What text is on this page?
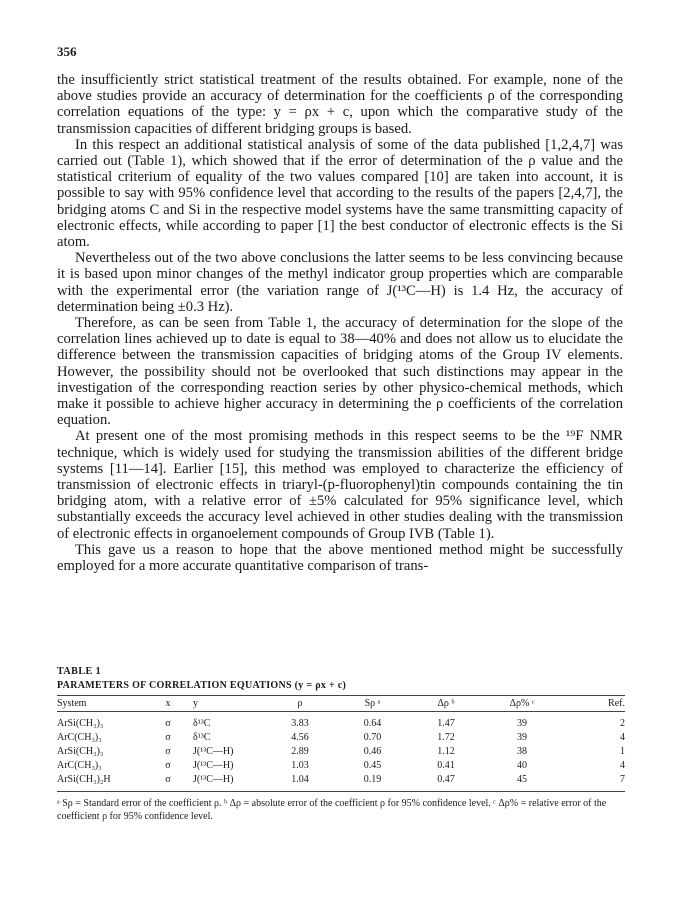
356

the insufficiently strict statistical treatment of the results obtained. For example, none of the above studies provide an accuracy of determination for the coefficients ρ of the corresponding correlation equations of the type: y = ρx + c, upon which the comparative study of the transmission capacities of different bridging groups is based.

In this respect an additional statistical analysis of some of the data published [1,2,4,7] was carried out (Table 1), which showed that if the error of determination of the ρ value and the statistical criterium of equality of the two values compared [10] are taken into account, it is possible to say with 95% confidence level that according to the results of the papers [2,4,7], the bridging atoms C and Si in the respective model systems have the same transmitting capacity of electronic effects, while according to paper [1] the best conductor of electronic effects is the Si atom.

Nevertheless out of the two above conclusions the latter seems to be less convincing because it is based upon minor changes of the methyl indicator group properties which are comparable with the experimental error (the variation range of J(¹³C—H) is 1.4 Hz, the accuracy of determination being ±0.3 Hz).

Therefore, as can be seen from Table 1, the accuracy of determination for the slope of the correlation lines achieved up to date is equal to 38—40% and does not allow us to elucidate the difference between the transmission capacities of bridging atoms of the Group IV elements. However, the possibility should not be overlooked that such distinctions may appear in the investigation of the corresponding reaction series by other physico-chemical methods, which make it possible to achieve higher accuracy in determining the ρ coefficients of the correlation equation.

At present one of the most promising methods in this respect seems to be the ¹⁹F NMR technique, which is widely used for studying the transmission abilities of the different bridge systems [11—14]. Earlier [15], this method was employed to characterize the efficiency of transmission of electronic effects in triaryl-(p-fluorophenyl)tin compounds containing the tin bridging atom, with a relative error of ±5% calculated for 95% significance level, which substantially exceeds the accuracy level achieved in other studies dealing with the transmission of electronic effects in organoelement compounds of Group IVB (Table 1).

This gave us a reason to hope that the above mentioned method might be successfully employed for a more accurate quantitative comparison of trans-

TABLE 1
PARAMETERS OF CORRELATION EQUATIONS (y = ρx + c)
System	x	y	ρ	Sρ ᵃ	Δρ ᵇ	Δρ% ᶜ	Ref.
ArSi(CH₃)₃	σ	δ¹³C	3.83	0.64	1.47	39	2
ArC(CH₃)₃	σ	δ¹³C	4.56	0.70	1.72	39	4
ArSi(CH₃)₃	σ	J(¹³C—H)	2.89	0.46	1.12	38	1
ArC(CH₃)₃	σ	J(¹³C—H)	1.03	0.45	0.41	40	4
ArSi(CH₃)₂H	σ	J(¹³C—H)	1.04	0.19	0.47	45	7
ᵃ Sρ = Standard error of the coefficient ρ. ᵇ Δρ = absolute error of the coefficient ρ for 95% confidence level. ᶜ Δρ% = relative error of the coefficient ρ for 95% confidence level.
